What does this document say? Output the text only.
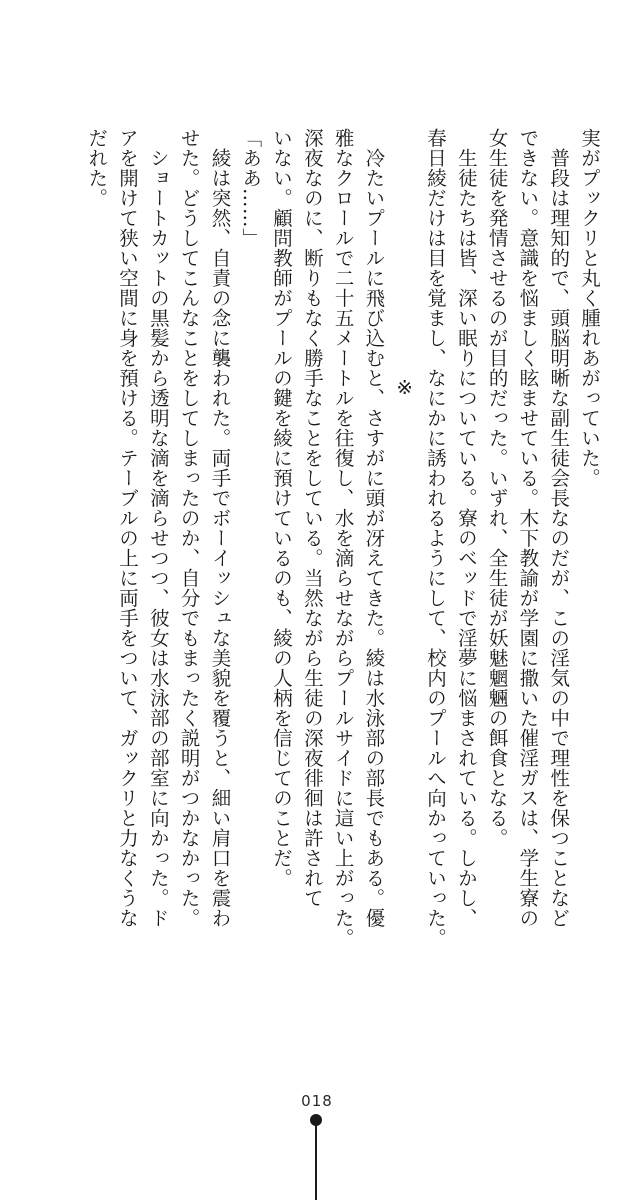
実がプックリと丸く腫れあがっていた。
　普段は理知的で、頭脳明晰な副生徒会長なのだが、この淫気の中で理性を保つことなど
できない。意識を悩ましく眩ませている。木下教諭が学園に撒いた催淫ガスは、学生寮の
女生徒を発情させるのが目的だった。いずれ、全生徒が妖魅魍魎の餌食となる。
　生徒たちは皆、深い眠りについている。寮のベッドで淫夢に悩まされている。しかし、
春日綾だけは目を覚まし、なにかに誘われるようにして、校内のプールへ向かっていった。
※
　冷たいプールに飛び込むと、さすがに頭が冴えてきた。綾は水泳部の部長でもある。優
雅なクロールで二十五メートルを往復し、水を滴らせながらプールサイドに這い上がった。
深夜なのに、断りもなく勝手なことをしている。当然ながら生徒の深夜徘徊は許されて
いない。顧問教師がプールの鍵を綾に預けているのも、綾の人柄を信じてのことだ。
「ああ……」
　綾は突然、自責の念に襲われた。両手でボーイッシュな美貌を覆うと、細い肩口を震わ
せた。どうしてこんなことをしてしまったのか、自分でもまったく説明がつかなかった。
　ショートカットの黒髪から透明な滴を滴らせつつ、彼女は水泳部の部室に向かった。ド
アを開けて狭い空間に身を預ける。テーブルの上に両手をついて、ガックリと力なくうな
だれた。
018
